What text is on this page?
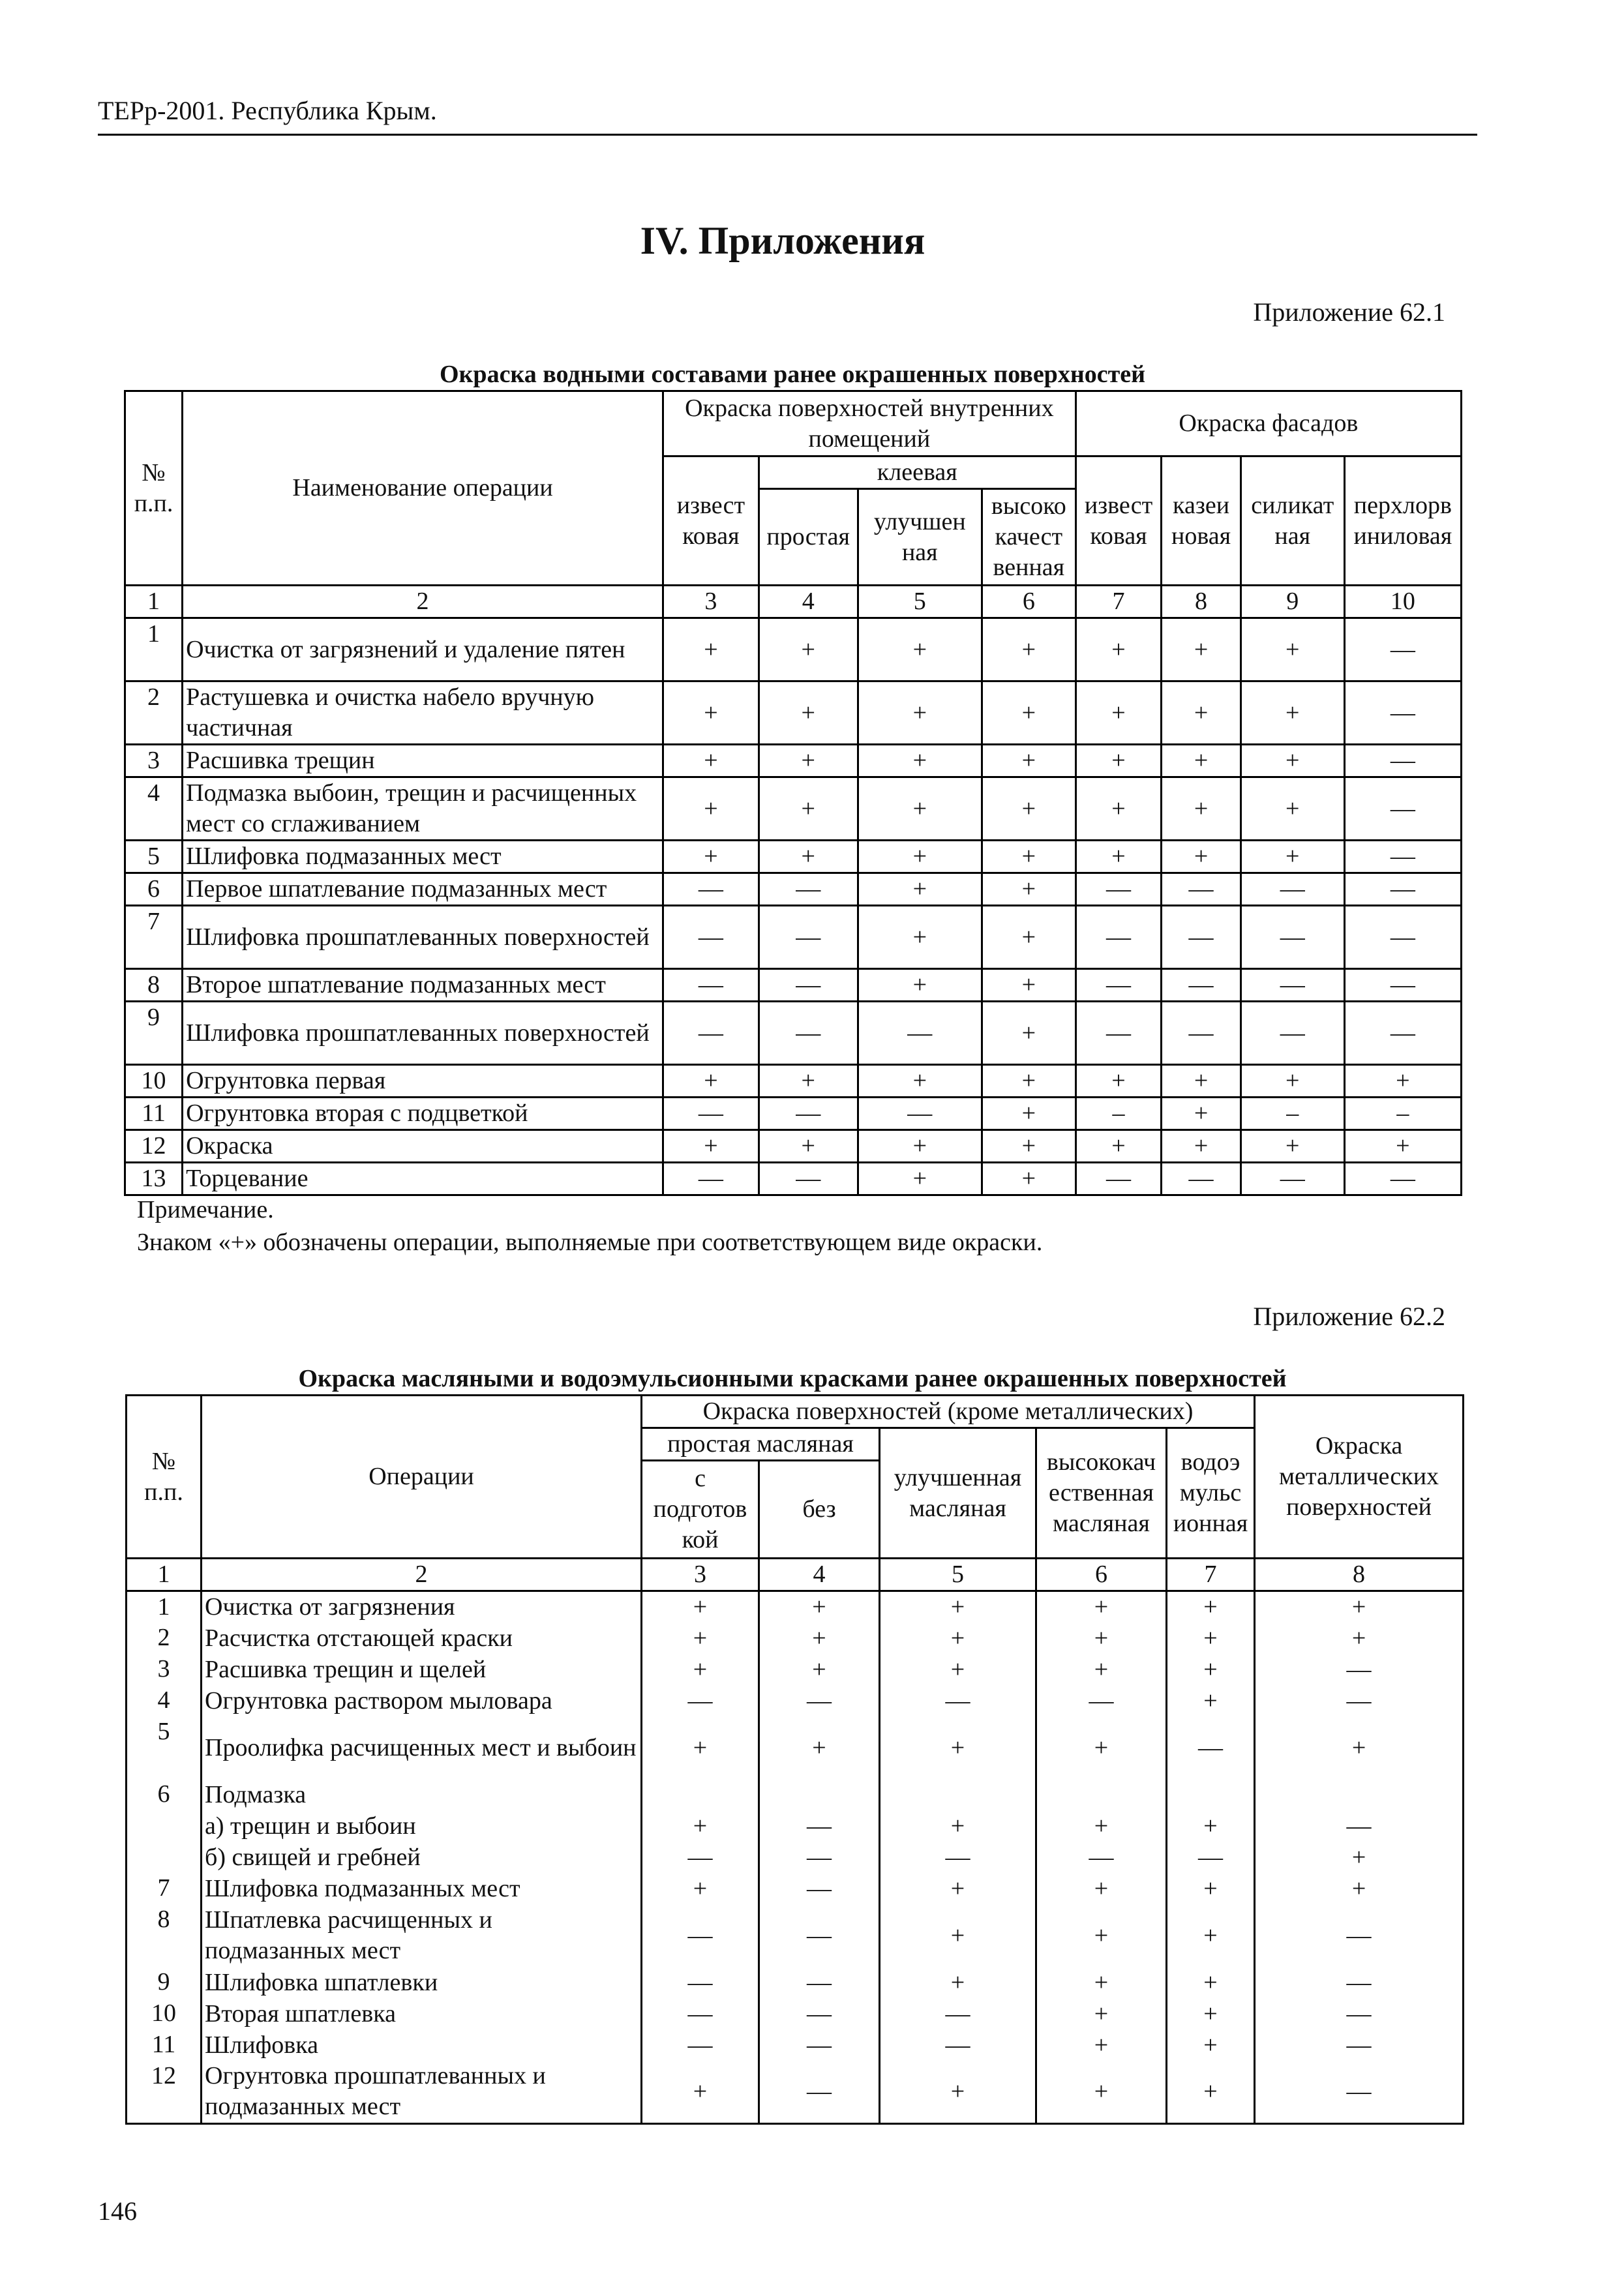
ТЕРр-2001. Республика Крым.
IV. Приложения
Приложение 62.1
Окраска водными составами ранее окрашенных поверхностей
№ п.п.	Наименование операции	Окраска поверхностей внутренних помещений				Окраска фасадов			
		извест ковая	клеевая			извест ковая	казеи новая	силикат ная	перхлорв иниловая
			простая	улучшен ная	высоко качест венная				
1	2	3	4	5	6	7	8	9	10
1	Очистка от загрязнений и удаление пятен	+	+	+	+	+	+	+	—
2	Растушевка и очистка набело вручную частичная	+	+	+	+	+	+	+	—
3	Расшивка трещин	+	+	+	+	+	+	+	—
4	Подмазка выбоин, трещин и расчищенных мест со сглаживанием	+	+	+	+	+	+	+	—
5	Шлифовка подмазанных мест	+	+	+	+	+	+	+	—
6	Первое шпатлевание подмазанных мест	—	—	+	+	—	—	—	—
7	Шлифовка прошпатлеванных поверхностей	—	—	+	+	—	—	—	—
8	Второе шпатлевание подмазанных мест	—	—	+	+	—	—	—	—
9	Шлифовка прошпатлеванных поверхностей	—	—	—	+	—	—	—	—
10	Огрунтовка первая	+	+	+	+	+	+	+	+
11	Огрунтовка вторая с подцветкой	—	—	—	+	–	+	–	–
12	Окраска	+	+	+	+	+	+	+	+
13	Торцевание	—	—	+	+	—	—	—	—
Примечание.
Знаком «+» обозначены операции, выполняемые при соответствующем виде окраски.
Приложение 62.2
Окраска масляными и водоэмульсионными красками ранее окрашенных поверхностей
№ п.п.	Операции	Окраска поверхностей (кроме металлических)					Окраска металлических поверхностей
		простая масляная		улучшенная масляная	высококач ественная масляная	водоэ мульс ионная	
		с подготов кой	без				
1	2	3	4	5	6	7	8
1	Очистка от загрязнения	+	+	+	+	+	+
2	Расчистка отстающей краски	+	+	+	+	+	+
3	Расшивка трещин и щелей	+	+	+	+	+	—
4	Огрунтовка раствором мыловара	—	—	—	—	+	—
5	Проолифка расчищенных мест и выбоин	+	+	+	+	—	+
6	Подмазка						
	а) трещин и выбоин	+	—	+	+	+	—
	б) свищей и гребней	—	—	—	—	—	+
7	Шлифовка подмазанных мест	+	—	+	+	+	+
8	Шпатлевка расчищенных и подмазанных мест	—	—	+	+	+	—
9	Шлифовка шпатлевки	—	—	+	+	+	—
10	Вторая шпатлевка	—	—	—	+	+	—
11	Шлифовка	—	—	—	+	+	—
12	Огрунтовка прошпатлеванных и подмазанных мест	+	—	+	+	+	—
146
